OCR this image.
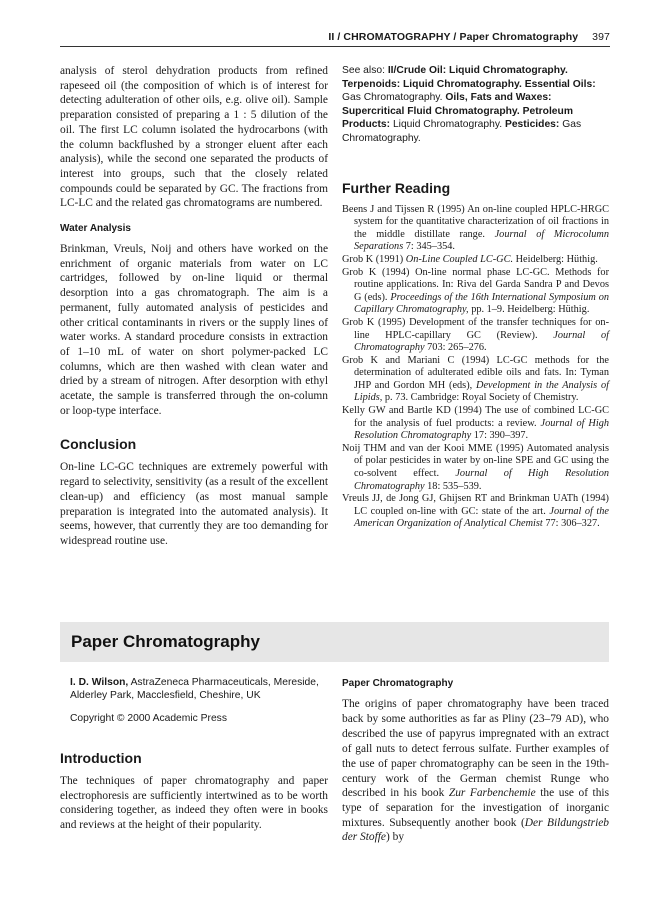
II / CHROMATOGRAPHY / Paper Chromatography 397

analysis of sterol dehydration products from refined rapeseed oil (the composition of which is of interest for detecting adulteration of other oils, e.g. olive oil). Sample preparation consisted of preparing a 1 : 5 dilution of the oil. The first LC column isolated the hydrocarbons (with the column backflushed by a stronger eluent after each analysis), while the second one separated the products of interest into groups, such that the closely related compounds could be separated by GC. The fractions from LC-LC and the related gas chromatograms are numbered.

Water Analysis

Brinkman, Vreuls, Noij and others have worked on the enrichment of organic materials from water on LC cartridges, followed by on-line liquid or thermal desorption into a gas chromatograph. The aim is a permanent, fully automated analysis of pesticides and other critical contaminants in rivers or the supply lines of water works. A standard procedure consists in extraction of 1–10 mL of water on short polymer-packed LC columns, which are then washed with clean water and dried by a stream of nitrogen. After desorption with ethyl acetate, the sample is transferred through the on-column or loop-type interface.

Conclusion

On-line LC-GC techniques are extremely powerful with regard to selectivity, sensitivity (as a result of the excellent clean-up) and efficiency (as most manual sample preparation is integrated into the automated analysis). It seems, however, that currently they are too demanding for widespread routine use.

See also: II/Crude Oil: Liquid Chromatography. Terpenoids: Liquid Chromatography. Essential Oils: Gas Chromatography. Oils, Fats and Waxes: Supercritical Fluid Chromatography. Petroleum Products: Liquid Chromatography. Pesticides: Gas Chromatography.
Further Reading

Beens J and Tijssen R (1995) An on-line coupled HPLC-HRGC system for the quantitative characterization of oil fractions in the middle distillate range. Journal of Microcolumn Separations 7: 345–354.

Grob K (1991) On-Line Coupled LC-GC. Heidelberg: Hüthig.

Grob K (1994) On-line normal phase LC-GC. Methods for routine applications. In: Riva del Garda Sandra P and Devos G (eds). Proceedings of the 16th International Symposium on Capillary Chromatography, pp. 1–9. Heidelberg: Hüthig.

Grob K (1995) Development of the transfer techniques for on-line HPLC-capillary GC (Review). Journal of Chromatography 703: 265–276.

Grob K and Mariani C (1994) LC-GC methods for the determination of adulterated edible oils and fats. In: Tyman JHP and Gordon MH (eds), Development in the Analysis of Lipids, p. 73. Cambridge: Royal Society of Chemistry.

Kelly GW and Bartle KD (1994) The use of combined LC-GC for the analysis of fuel products: a review. Journal of High Resolution Chromatography 17: 390–397.

Noij THM and van der Kooi MME (1995) Automated analysis of polar pesticides in water by on-line SPE and GC using the co-solvent effect. Journal of High Resolution Chromatography 18: 535–539.

Vreuls JJ, de Jong GJ, Ghijsen RT and Brinkman UATh (1994) LC coupled on-line with GC: state of the art. Journal of the American Organization of Analytical Chemist 77: 306–327.

Paper Chromatography
I. D. Wilson, AstraZeneca Pharmaceuticals, Mereside, Alderley Park, Macclesfield, Cheshire, UK
Copyright © 2000 Academic Press
Introduction

The techniques of paper chromatography and paper electrophoresis are sufficiently intertwined as to be worth considering together, as indeed they often were in books and reviews at the height of their popularity.

Paper Chromatography

The origins of paper chromatography have been traced back by some authorities as far as Pliny (23–79 AD), who described the use of papyrus impregnated with an extract of gall nuts to detect ferrous sulfate. Further examples of the use of paper chromatography can be seen in the 19th-century work of the German chemist Runge who described in his book Zur Farbenchemie the use of this type of separation for the investigation of inorganic mixtures. Subsequently another book (Der Bildungstrieb der Stoffe) by
